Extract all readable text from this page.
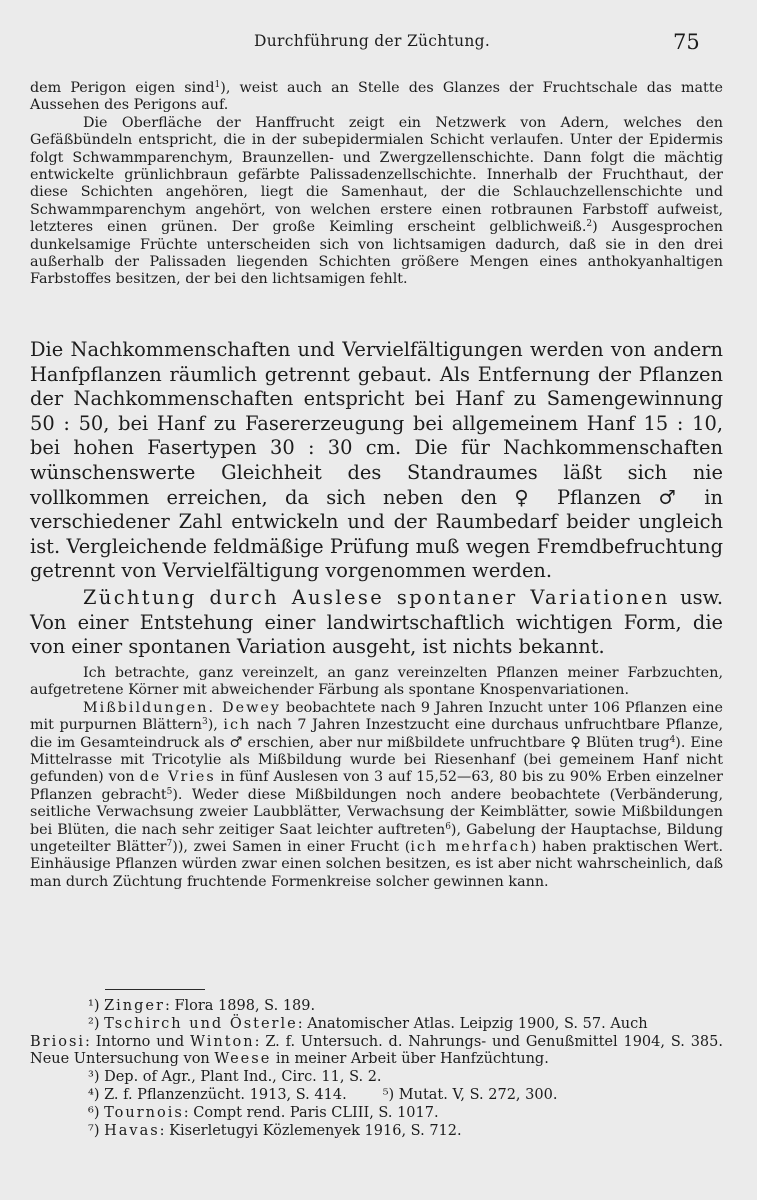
Durchführung der Züchtung.	75

dem Perigon eigen sind$^1$), weist auch an Stelle des Glanzes der Fruchtschale das matte Aussehen des Perigons auf.

Die Oberfläche der Hanffrucht zeigt ein Netzwerk von Adern, welches den Gefäßbündeln entspricht, die in der subepidermialen Schicht verlaufen. Unter der Epidermis folgt Schwammparenchym, Braunzellen- und Zwergzellenschichte. Dann folgt die mächtig entwickelte grünlichbraun gefärbte Palissadenzellschichte. Innerhalb der Fruchthaut, der diese Schichten angehören, liegt die Samenhaut, der die Schlauchzellenschichte und Schwammparenchym angehört, von welchen erstere einen rotbraunen Farbstoff aufweist, letzteres einen grünen. Der große Keimling erscheint gelblichweiß.$^2$) Ausgesprochen dunkelsamige Früchte unterscheiden sich von lichtsamigen dadurch, daß sie in den drei außerhalb der Palissaden liegenden Schichten größere Mengen eines anthokyanhaltigen Farbstoffes besitzen, der bei den lichtsamigen fehlt.

Die Nachkommenschaften und Vervielfältigungen werden von andern Hanfpflanzen räumlich getrennt gebaut. Als Entfernung der Pflanzen der Nachkommenschaften entspricht bei Hanf zu Samengewinnung 50 : 50, bei Hanf zu Fasererzeugung bei allgemeinem Hanf 15 : 10, bei hohen Fasertypen 30 : 30 cm. Die für Nachkommenschaften wünschenswerte Gleichheit des Standraumes läßt sich nie vollkommen erreichen, da sich neben den ♀ Pflanzen ♂ in verschiedener Zahl entwickeln und der Raumbedarf beider ungleich ist. Vergleichende feldmäßige Prüfung muß wegen Fremdbefruchtung getrennt von Vervielfältigung vorgenommen werden.

Züchtung durch Auslese spontaner Variationen usw. Von einer Entstehung einer landwirtschaftlich wichtigen Form, die von einer spontanen Variation ausgeht, ist nichts bekannt.

Ich betrachte, ganz vereinzelt, an ganz vereinzelten Pflanzen meiner Farbzuchten, aufgetretene Körner mit abweichender Färbung als spontane Knospenvariationen.

Mißbildungen. Dewey beobachtete nach 9 Jahren Inzucht unter 106 Pflanzen eine mit purpurnen Blättern$^3$), ich nach 7 Jahren Inzestzucht eine durchaus unfruchtbare Pflanze, die im Gesamteindruck als ♂ erschien, aber nur mißbildete unfruchtbare ♀ Blüten trug$^4$). Eine Mittelrasse mit Tricotylie als Mißbildung wurde bei Riesenhanf (bei gemeinem Hanf nicht gefunden) von de Vries in fünf Auslesen von 3 auf 15,52—63, 80 bis zu 90% Erben einzelner Pflanzen gebracht$^5$). Weder diese Mißbildungen noch andere beobachtete (Verbänderung, seitliche Verwachsung zweier Laubblätter, Verwachsung der Keimblätter, sowie Mißbildungen bei Blüten, die nach sehr zeitiger Saat leichter auftreten$^6$), Gabelung der Hauptachse, Bildung ungeteilter Blätter$^7$)), zwei Samen in einer Frucht (ich mehrfach) haben praktischen Wert. Einhäusige Pflanzen würden zwar einen solchen besitzen, es ist aber nicht wahrscheinlich, daß man durch Züchtung fruchtende Formenkreise solcher gewinnen kann.

¹) Zinger: Flora 1898, S. 189.

²) Tschirch und Österle: Anatomischer Atlas. Leipzig 1900, S. 57. Auch

Briosi: Intorno und Winton: Z. f. Untersuch. d. Nahrungs- und Genußmittel 1904, S. 385. Neue Untersuchung von Weese in meiner Arbeit über Hanfzüchtung.

³) Dep. of Agr., Plant Ind., Circ. 11, S. 2.

⁴) Z. f. Pflanzenzücht. 1913, S. 414. ⁵) Mutat. V, S. 272, 300.

⁶) Tournois: Compt rend. Paris CLIII, S. 1017.

⁷) Havas: Kiserletugyi Közlemenyek 1916, S. 712.
